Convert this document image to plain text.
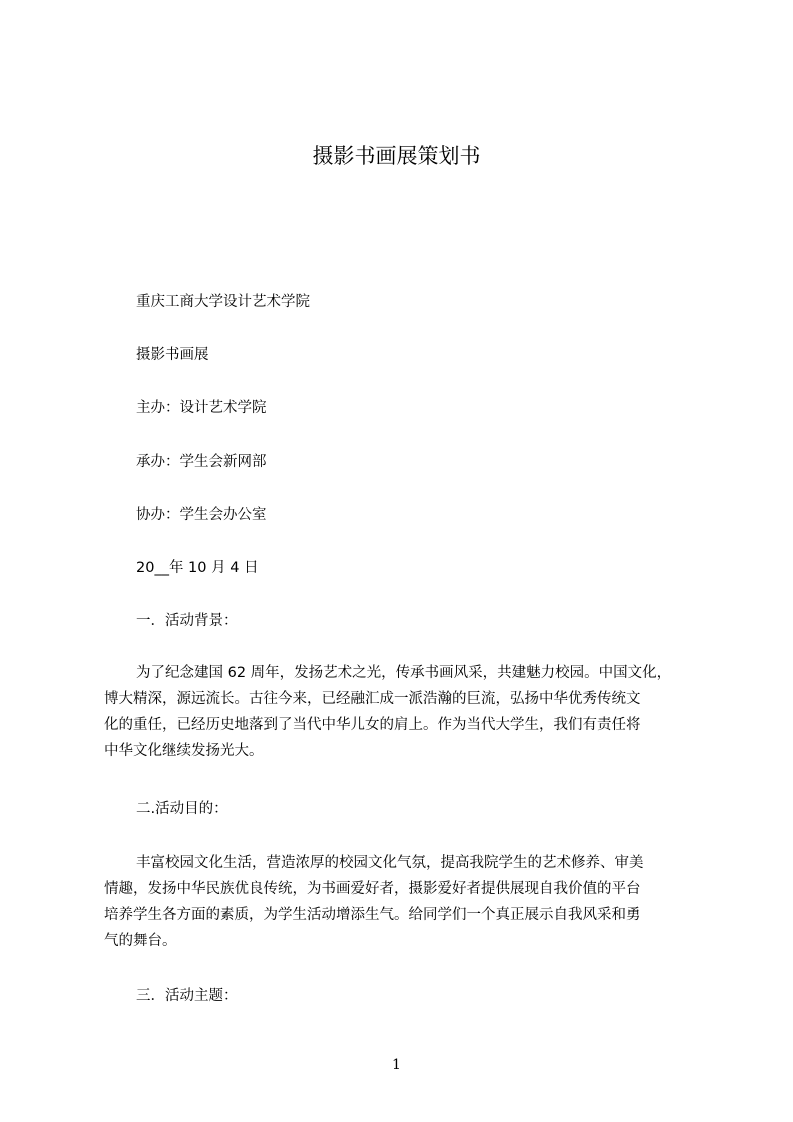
摄影书画展策划书
重庆工商大学设计艺术学院
摄影书画展
主办：设计艺术学院
承办：学生会新网部
协办：学生会办公室
20__年 10 月 4 日
一．活动背景：
为了纪念建国 62 周年，发扬艺术之光，传承书画风采，共建魅力校园。中国文化，
博大精深，源远流长。古往今来，已经融汇成一派浩瀚的巨流，弘扬中华优秀传统文
化的重任，已经历史地落到了当代中华儿女的肩上。作为当代大学生，我们有责任将
中华文化继续发扬光大。
二.活动目的：
丰富校园文化生活，营造浓厚的校园文化气氛，提高我院学生的艺术修养、审美
情趣，发扬中华民族优良传统，为书画爱好者，摄影爱好者提供展现自我价值的平台
培养学生各方面的素质，为学生活动增添生气。给同学们一个真正展示自我风采和勇
气的舞台。
三．活动主题：
1
